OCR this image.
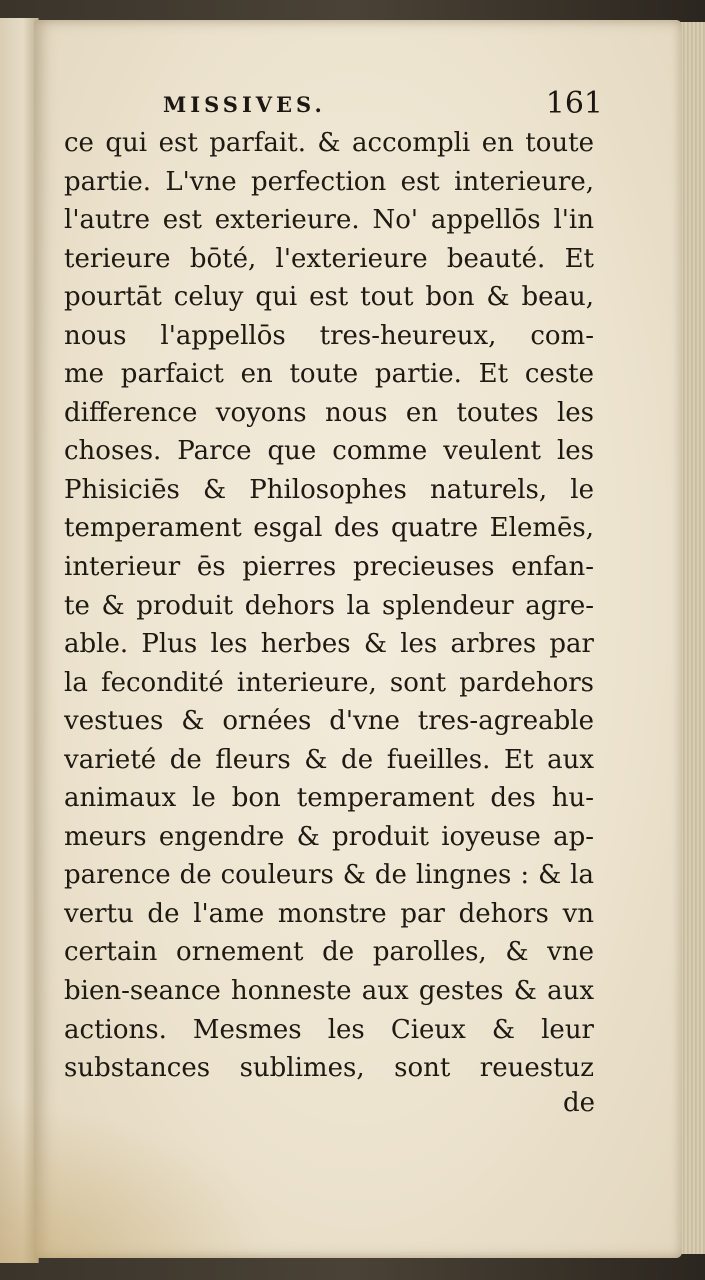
MISSIVES.	161
ce qui est parfait. & accompli en toute
partie. L'vne perfection est interieure,
l'autre est exterieure. No' appellōs l'in
terieure bōté, l'exterieure beauté. Et
pourtāt celuy qui est tout bon & beau,
nous l'appellōs tres-heureux, com-
me parfaict en toute partie. Et ceste
difference voyons nous en toutes les
choses. Parce que comme veulent les
Phisiciēs & Philosophes naturels, le
temperament esgal des quatre Elemēs,
interieur ēs pierres precieuses enfan-
te & produit dehors la splendeur agre-
able. Plus les herbes & les arbres par
la fecondité interieure, sont pardehors
vestues & ornées d'vne tres-agreable
varieté de fleurs & de fueilles. Et aux
animaux le bon temperament des hu-
meurs engendre & produit ioyeuse ap-
parence de couleurs & de lingnes : & la
vertu de l'ame monstre par dehors vn
certain ornement de parolles, & vne
bien-seance honneste aux gestes & aux
actions. Mesmes les Cieux & leur
substances sublimes, sont reuestuz
de
